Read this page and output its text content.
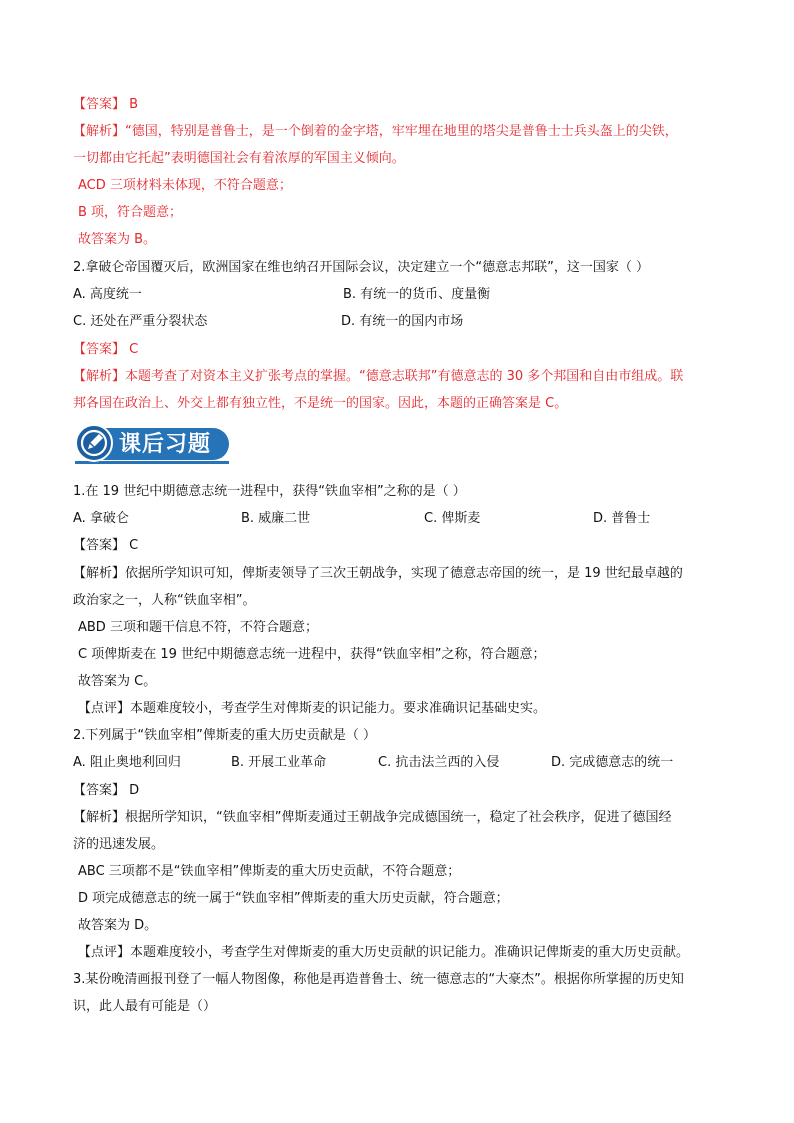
【答案】 B
【解析】“德国，特别是普鲁士，是一个倒着的金字塔，牢牢埋在地里的塔尖是普鲁士士兵头盔上的尖铁，
一切都由它托起”表明德国社会有着浓厚的军国主义倾向。
ACD 三项材料未体现，不符合题意；
B 项，符合题意；
故答案为 B。
2.拿破仑帝国覆灭后，欧洲国家在维也纳召开国际会议，决定建立一个“德意志邦联”，这一国家（ ）
A. 高度统一	B. 有统一的货币、度量衡
C. 还处在严重分裂状态	D. 有统一的国内市场
【答案】 C
【解析】本题考查了对资本主义扩张考点的掌握。“德意志联邦”有德意志的 30 多个邦国和自由市组成。联
邦各国在政治上、外交上都有独立性，不是统一的国家。因此，本题的正确答案是 C。
课后习题
1.在 19 世纪中期德意志统一进程中，获得“铁血宰相”之称的是（ ）
A. 拿破仑	B. 威廉二世	C. 俾斯麦	D. 普鲁士
【答案】 C
【解析】依据所学知识可知，俾斯麦领导了三次王朝战争，实现了德意志帝国的统一，是 19 世纪最卓越的
政治家之一，人称“铁血宰相”。
ABD 三项和题干信息不符，不符合题意；
C 项俾斯麦在 19 世纪中期德意志统一进程中，获得“铁血宰相”之称，符合题意；
故答案为 C。
【点评】本题难度较小，考查学生对俾斯麦的识记能力。要求准确识记基础史实。
2.下列属于“铁血宰相”俾斯麦的重大历史贡献是（ ）
A. 阻止奥地利回归	B. 开展工业革命	C. 抗击法兰西的入侵	D. 完成德意志的统一
【答案】 D
【解析】根据所学知识，“铁血宰相”俾斯麦通过王朝战争完成德国统一，稳定了社会秩序，促进了德国经
济的迅速发展。
ABC 三项都不是“铁血宰相”俾斯麦的重大历史贡献，不符合题意；
D 项完成德意志的统一属于“铁血宰相”俾斯麦的重大历史贡献，符合题意；
故答案为 D。
【点评】本题难度较小，考查学生对俾斯麦的重大历史贡献的识记能力。准确识记俾斯麦的重大历史贡献。
3.某份晚清画报刊登了一幅人物图像，称他是再造普鲁士、统一德意志的“大豪杰”。根据你所掌握的历史知
识，此人最有可能是（）
